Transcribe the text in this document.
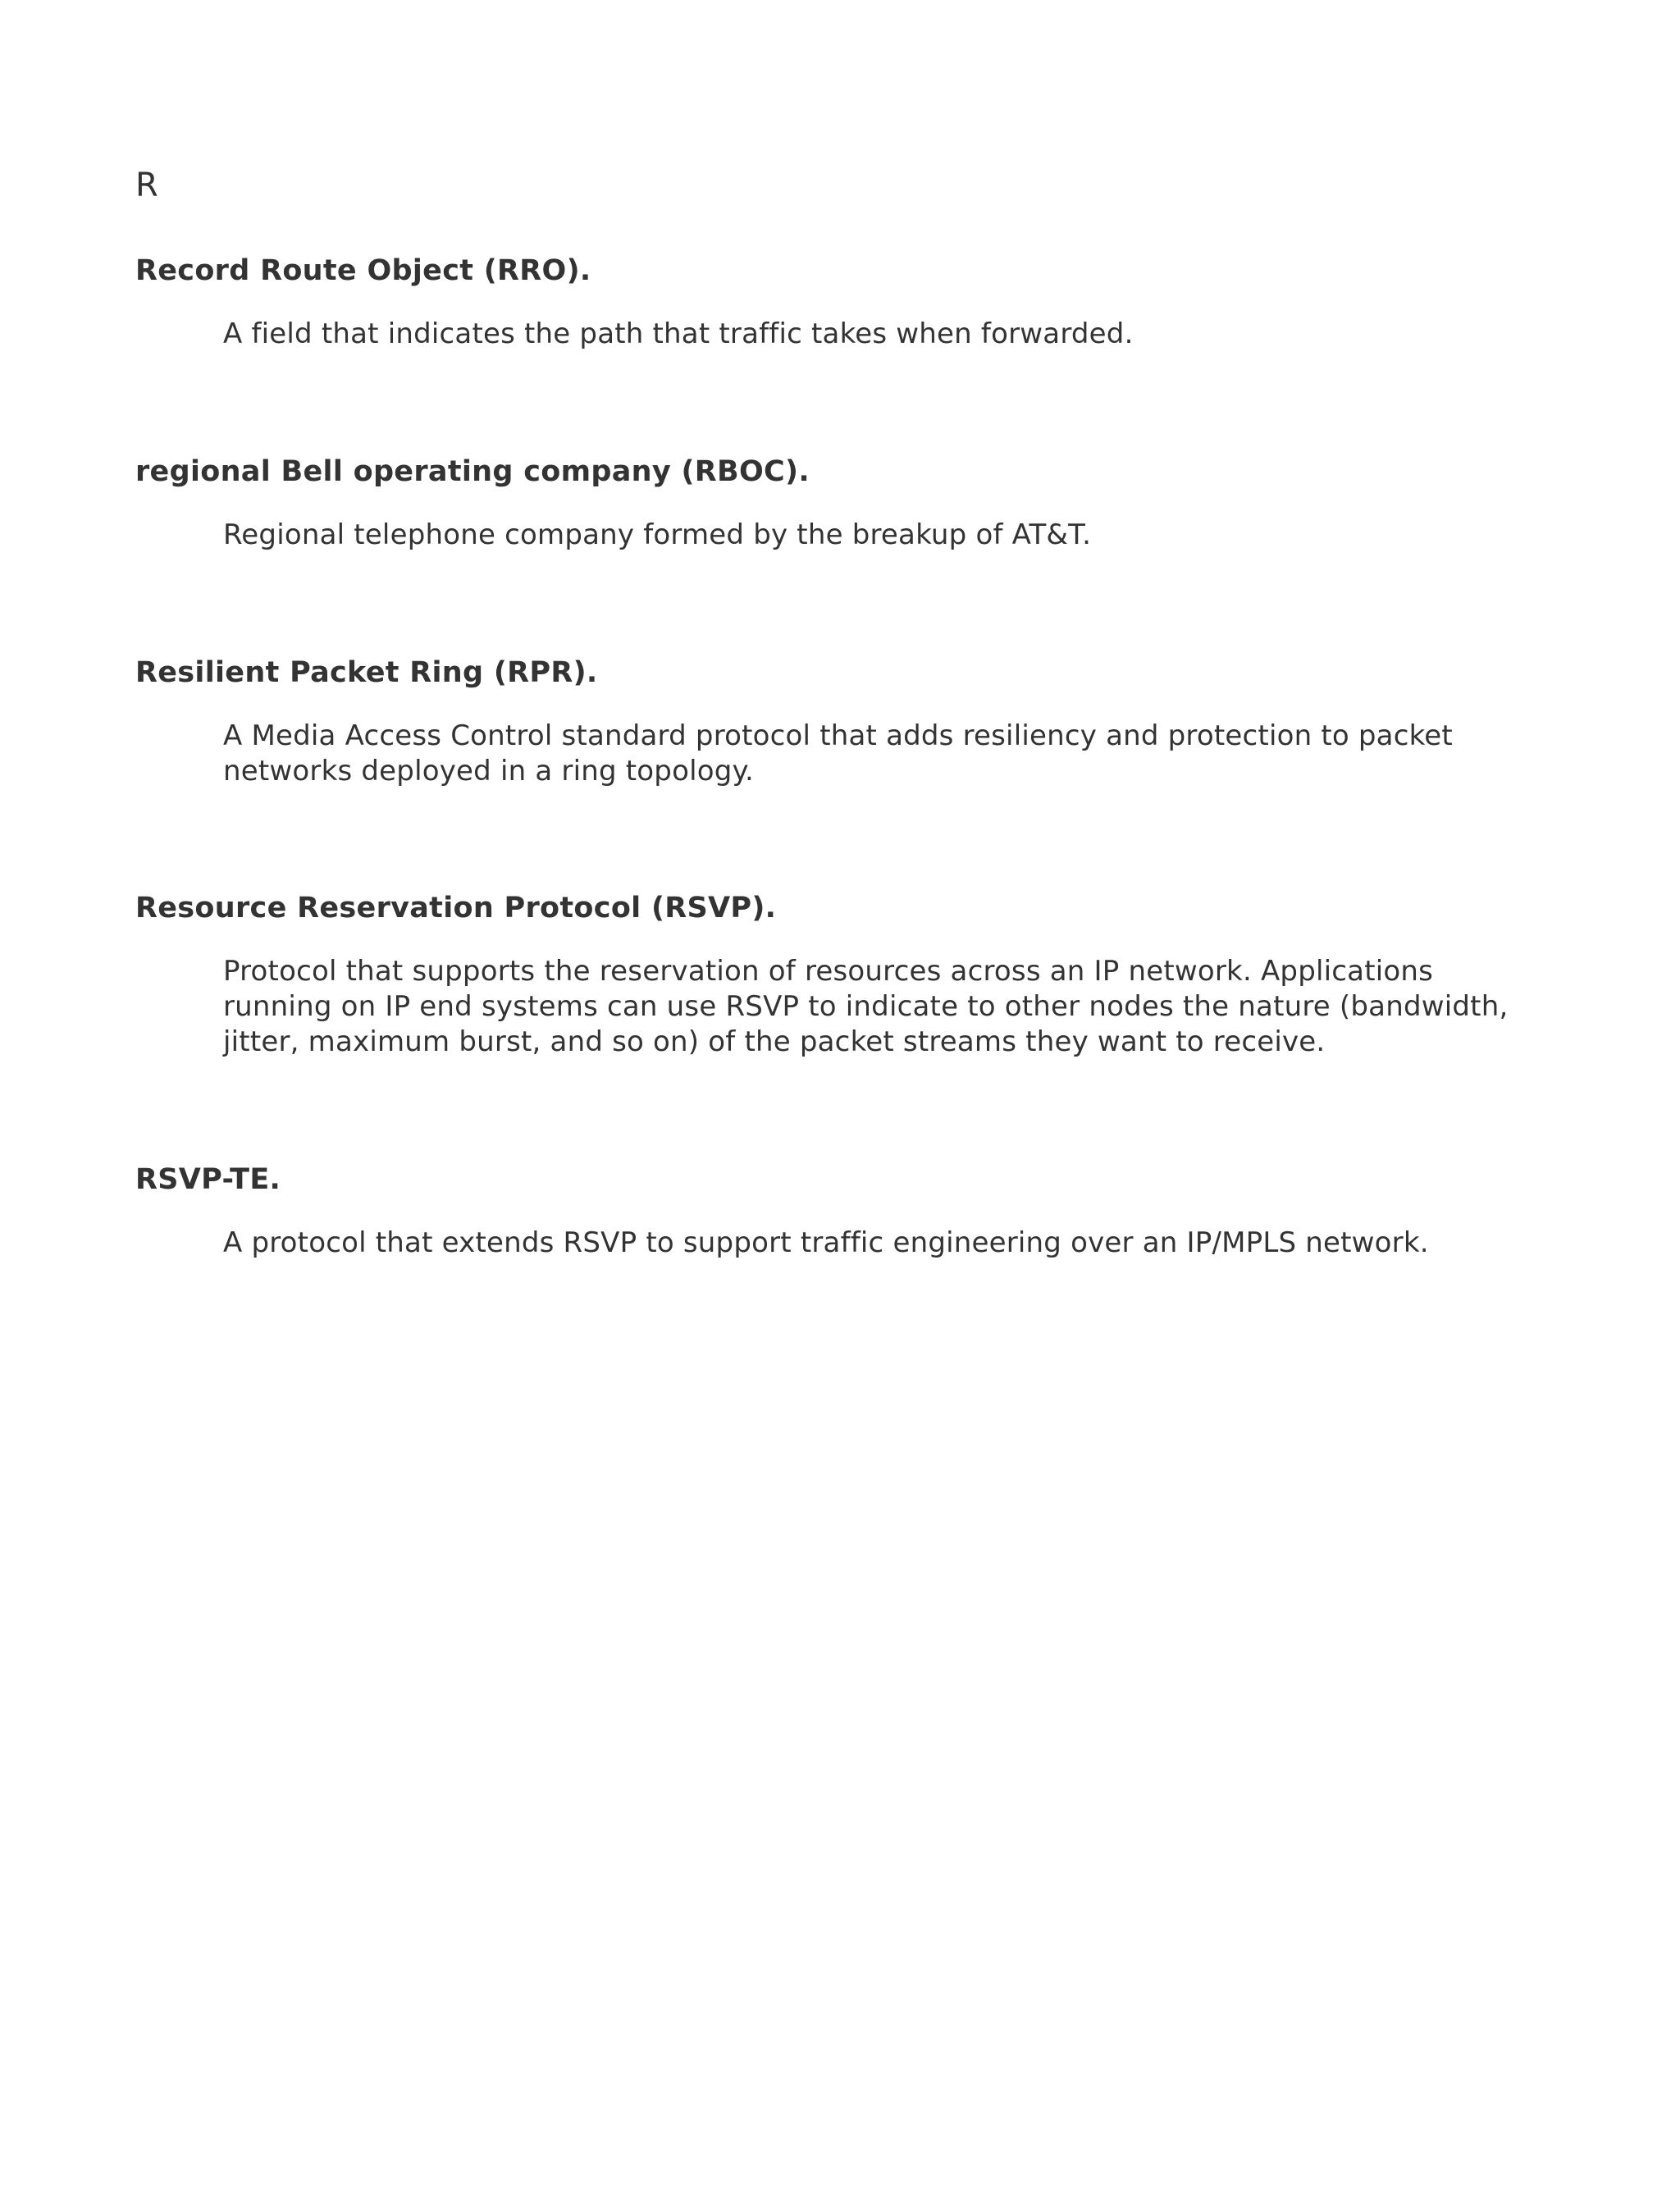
R
Record Route Object (RRO).

A field that indicates the path that traffic takes when forwarded.

regional Bell operating company (RBOC).

Regional telephone company formed by the breakup of AT&T.

Resilient Packet Ring (RPR).

A Media Access Control standard protocol that adds resiliency and protection to packet
networks deployed in a ring topology.

Resource Reservation Protocol (RSVP).

Protocol that supports the reservation of resources across an IP network. Applications
running on IP end systems can use RSVP to indicate to other nodes the nature (bandwidth,
jitter, maximum burst, and so on) of the packet streams they want to receive.

RSVP-TE.

A protocol that extends RSVP to support traffic engineering over an IP/MPLS network.
